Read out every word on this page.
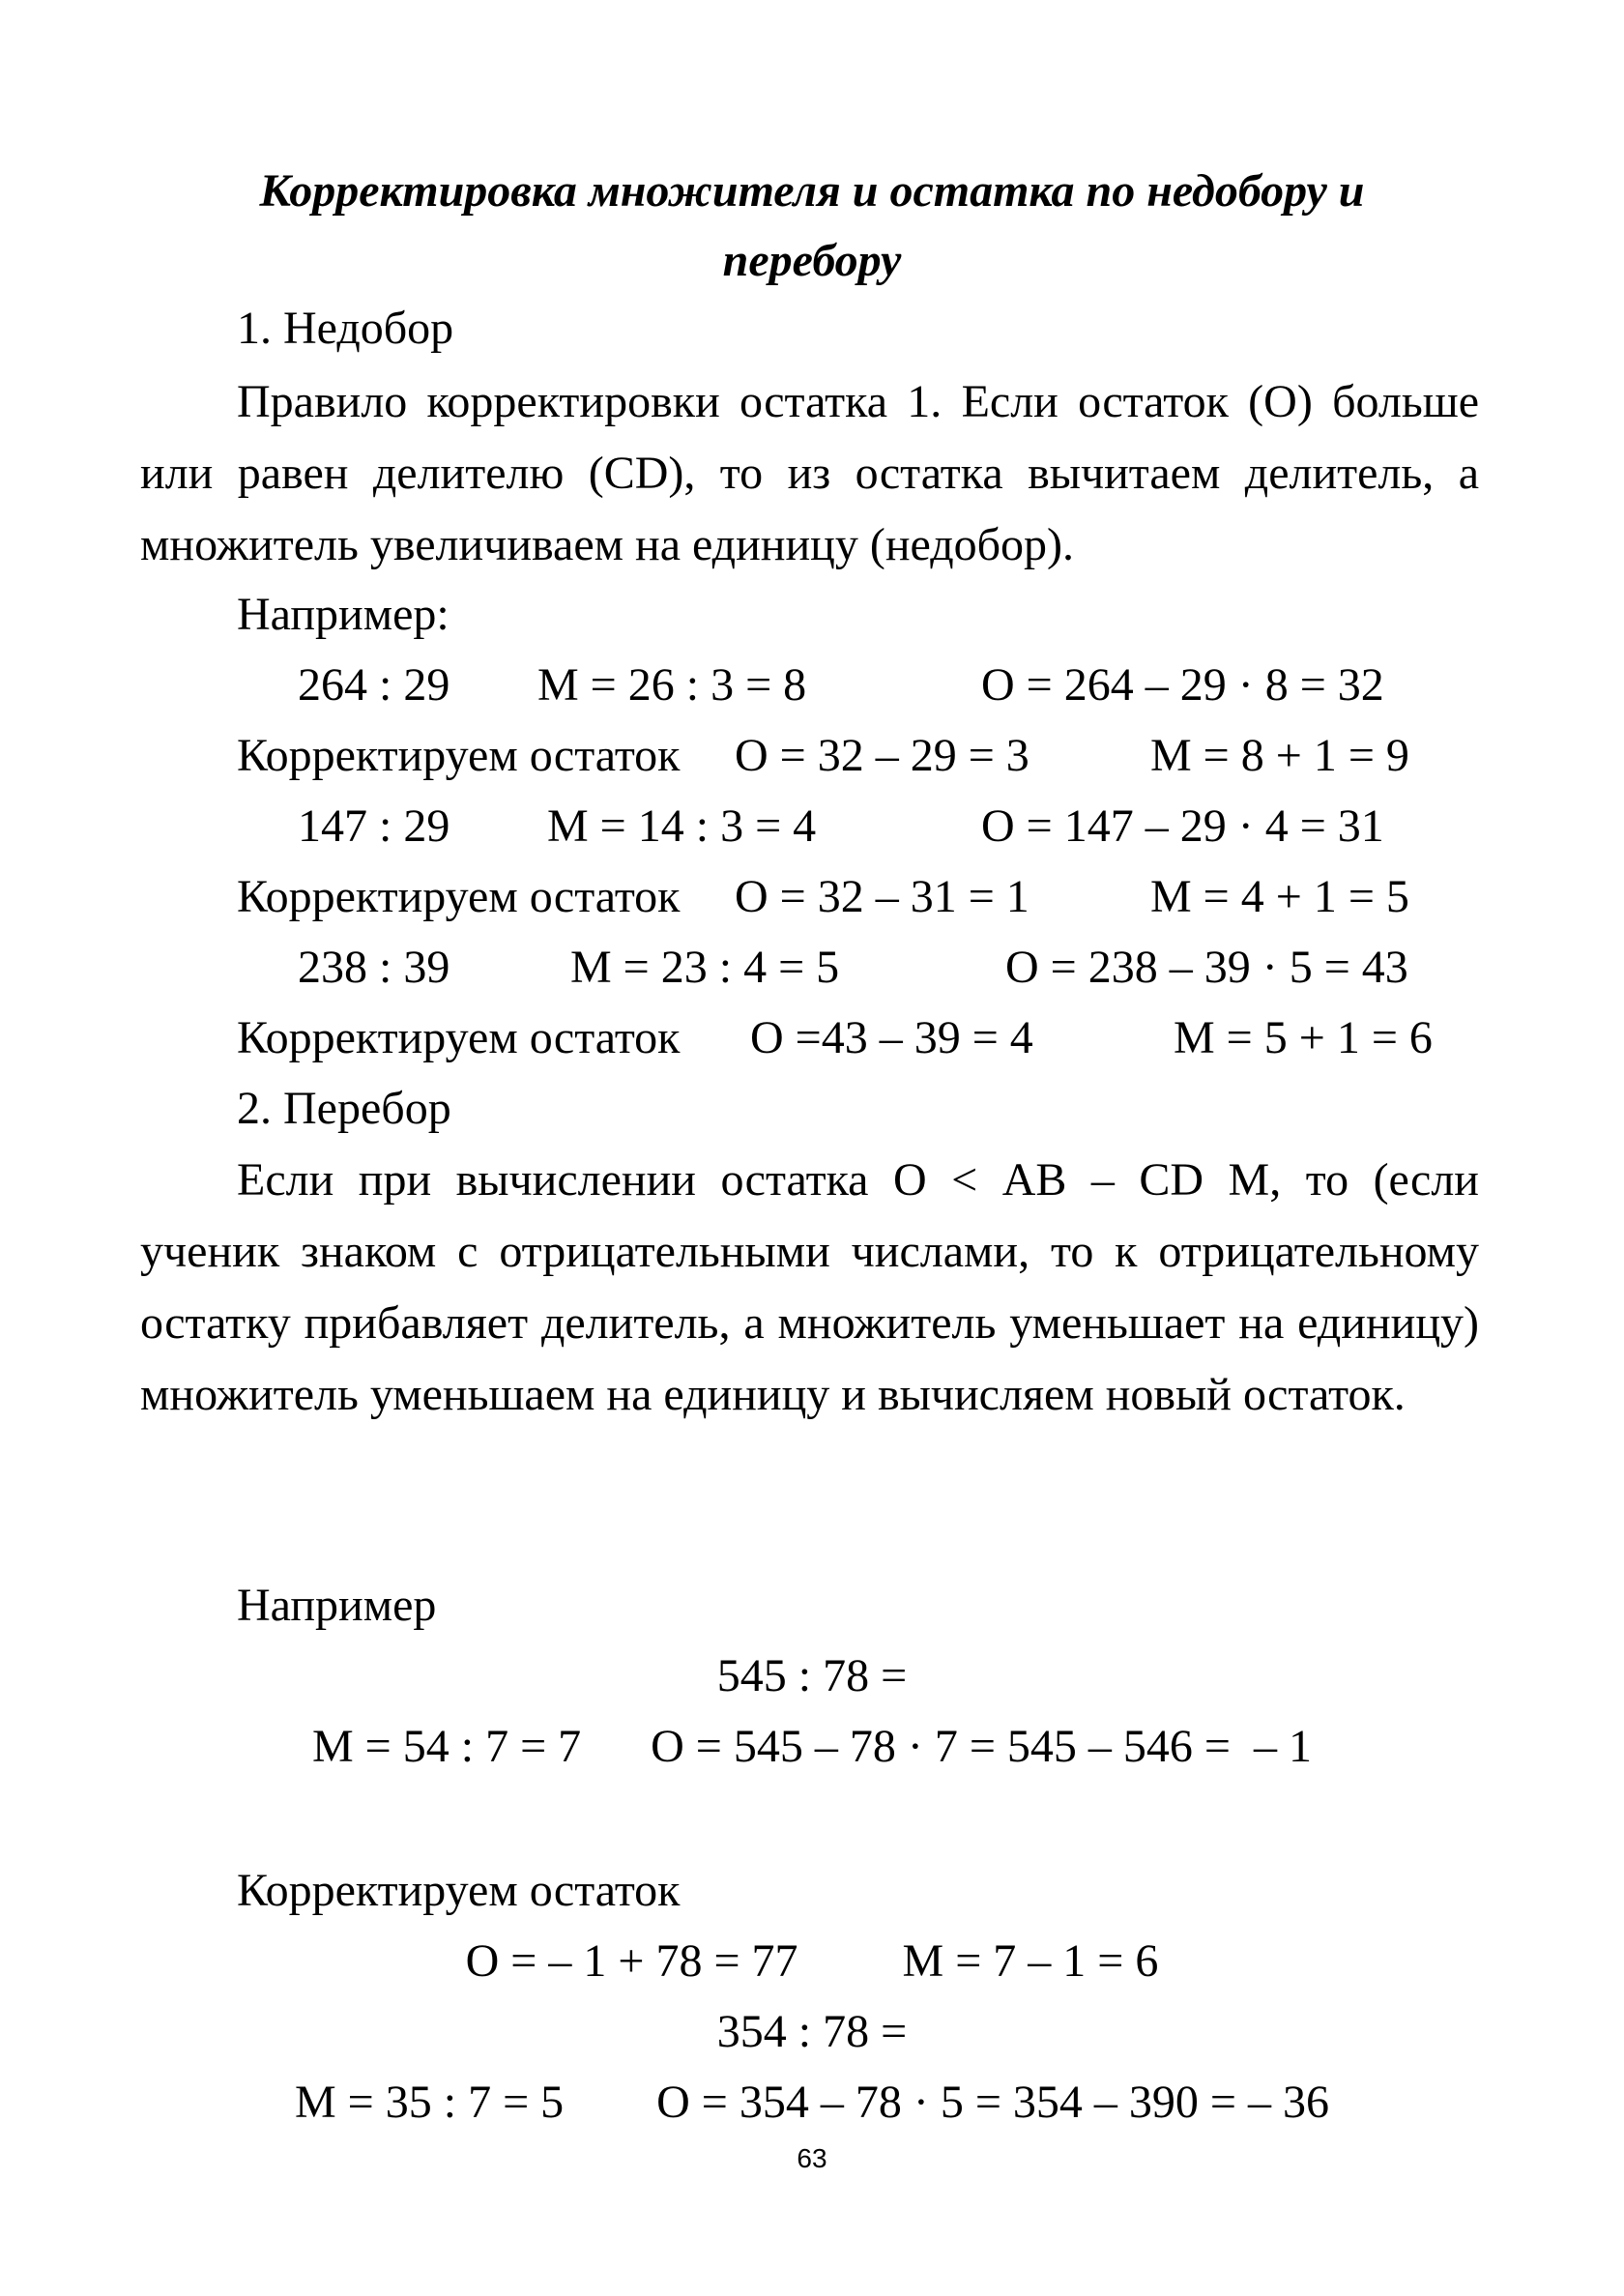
Корректировка множителя и остатка по недобору и
перебору
1. Недобор

Правило корректировки остатка 1. Если остаток (О) больше или равен делителю (CD), то из остатка вычитаем делитель, а множитель увеличиваем на единицу (недобор).

Например:
264 : 29 М = 26 : 3 = 8	О = 264 – 29 · 8 = 32
Корректируем остаток О = 32 – 29 = 3	М = 8 + 1 = 9
147 : 29 М = 14 : 3 = 4	О = 147 – 29 · 4 = 31
Корректируем остаток О = 32 – 31 = 1	М = 4 + 1 = 5
238 : 39	М = 23 : 4 = 5	О = 238 – 39 · 5 = 43
Корректируем остаток О =43 – 39 = 4	М = 5 + 1 = 6
2. Перебор

Если при вычислении остатка О < АВ – CD М, то (если ученик знаком с отрицательными числами, то к отрицательному остатку прибавляет делитель, а множитель уменьшает на единицу) множитель уменьшаем на единицу и вычисляем новый остаток.

Например
545 : 78 =
М = 54 : 7 = 7      О = 545 – 78 · 7 = 545 – 546 =  – 1
Корректируем остаток
О = – 1 + 78 = 77         М = 7 – 1 = 6
354 : 78 =
М = 35 : 7 = 5        О = 354 – 78 · 5 = 354 – 390 = – 36
63
